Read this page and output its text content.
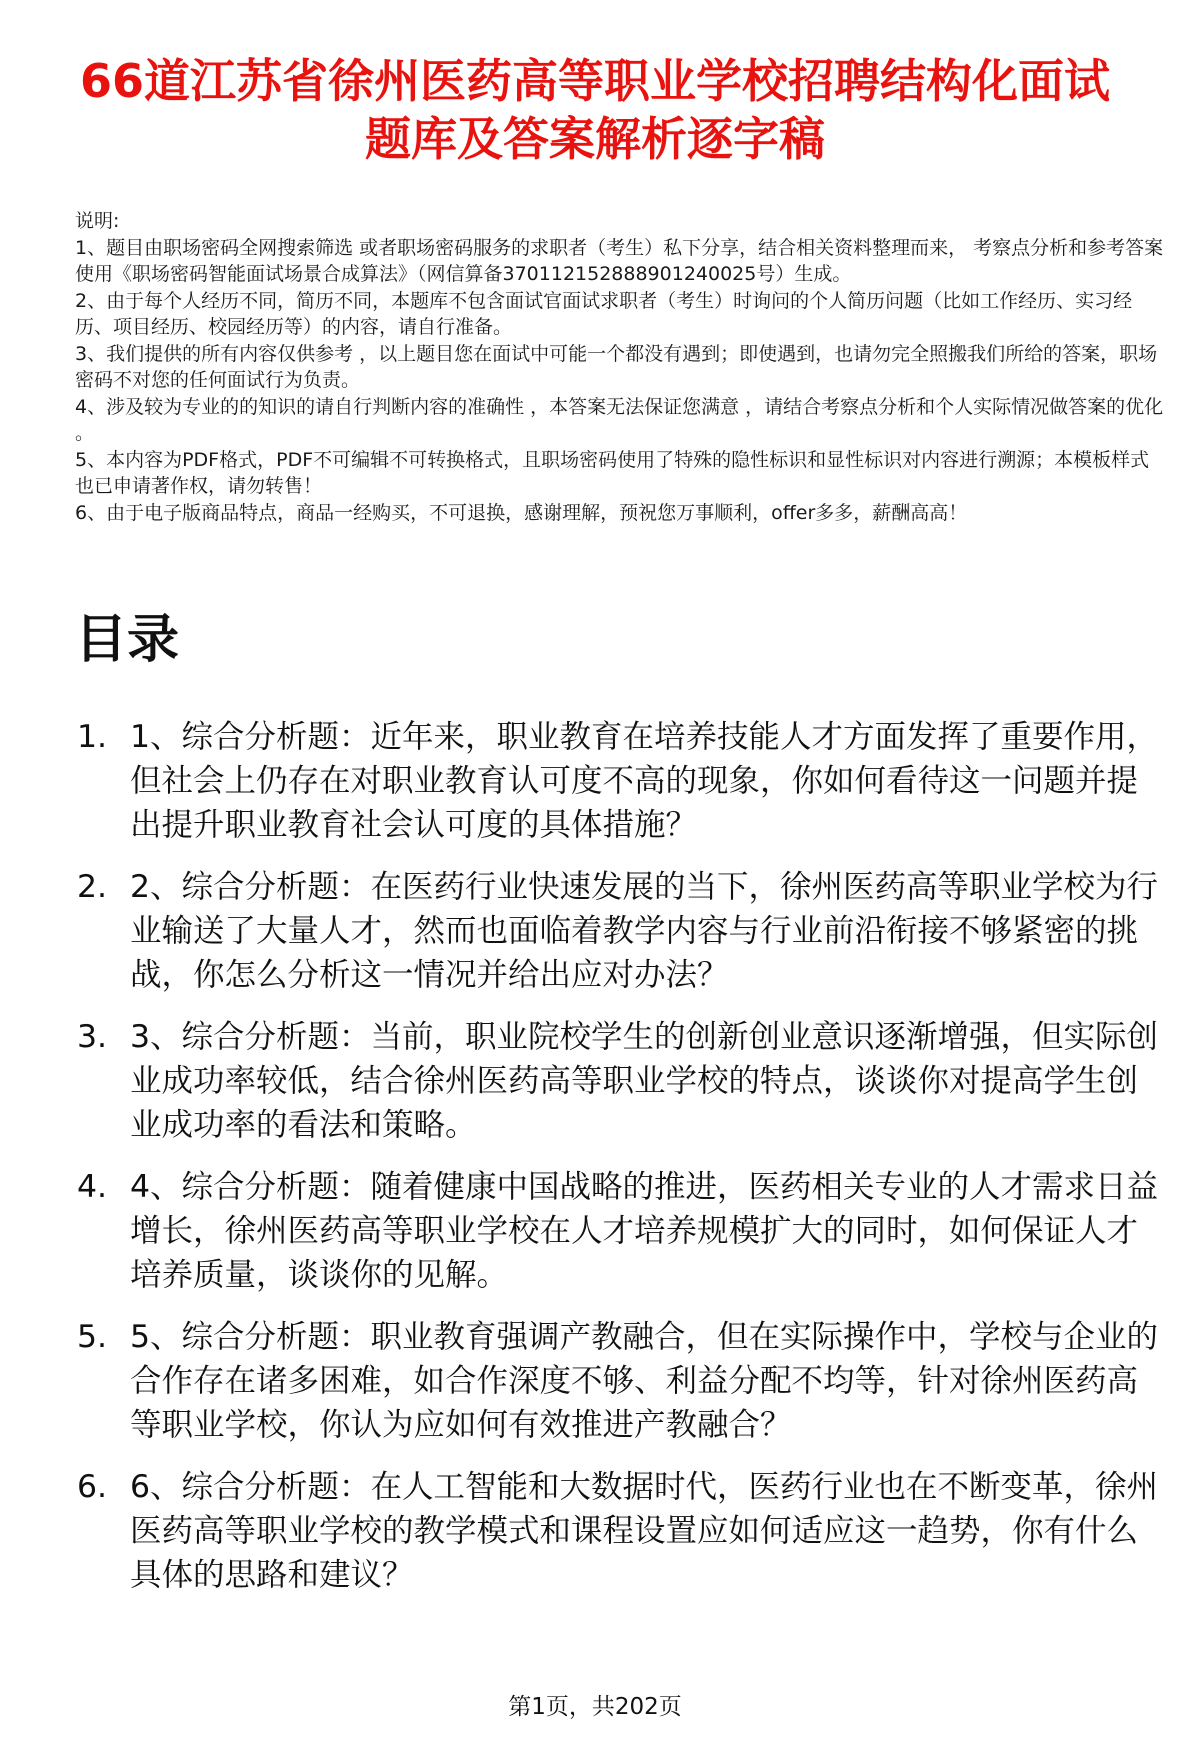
66道江苏省徐州医药高等职业学校招聘结构化面试题库及答案解析逐字稿
说明:
1、题目由职场密码全网搜索筛选 或者职场密码服务的求职者（考生）私下分享，结合相关资料整理而来， 考察点分析和参考答案使用《职场密码智能面试场景合成算法》（网信算备370112152888901240025号）生成。
2、由于每个人经历不同，简历不同，本题库不包含面试官面试求职者（考生）时询问的个人简历问题（比如工作经历、实习经历、项目经历、校园经历等）的内容，请自行准备。
3、我们提供的所有内容仅供参考 ，以上题目您在面试中可能一个都没有遇到；即使遇到，也请勿完全照搬我们所给的答案，职场密码不对您的任何面试行为负责。
4、涉及较为专业的的知识的请自行判断内容的准确性 ，本答案无法保证您满意 ，请结合考察点分析和个人实际情况做答案的优化 。
5、本内容为PDF格式，PDF不可编辑不可转换格式，且职场密码使用了特殊的隐性标识和显性标识对内容进行溯源；本模板样式也已申请著作权，请勿转售！
6、由于电子版商品特点，商品一经购买，不可退换，感谢理解，预祝您万事顺利，offer多多，薪酬高高！
目录
1. 1、综合分析题：近年来，职业教育在培养技能人才方面发挥了重要作用，但社会上仍存在对职业教育认可度不高的现象，你如何看待这一问题并提出提升职业教育社会认可度的具体措施？
2. 2、综合分析题：在医药行业快速发展的当下，徐州医药高等职业学校为行业输送了大量人才，然而也面临着教学内容与行业前沿衔接不够紧密的挑战，你怎么分析这一情况并给出应对办法？
3. 3、综合分析题：当前，职业院校学生的创新创业意识逐渐增强，但实际创业成功率较低，结合徐州医药高等职业学校的特点，谈谈你对提高学生创业成功率的看法和策略。
4. 4、综合分析题：随着健康中国战略的推进，医药相关专业的人才需求日益增长，徐州医药高等职业学校在人才培养规模扩大的同时，如何保证人才培养质量，谈谈你的见解。
5. 5、综合分析题：职业教育强调产教融合，但在实际操作中，学校与企业的合作存在诸多困难，如合作深度不够、利益分配不均等，针对徐州医药高等职业学校，你认为应如何有效推进产教融合？
6. 6、综合分析题：在人工智能和大数据时代，医药行业也在不断变革，徐州医药高等职业学校的教学模式和课程设置应如何适应这一趋势，你有什么具体的思路和建议？
第1页，共202页
